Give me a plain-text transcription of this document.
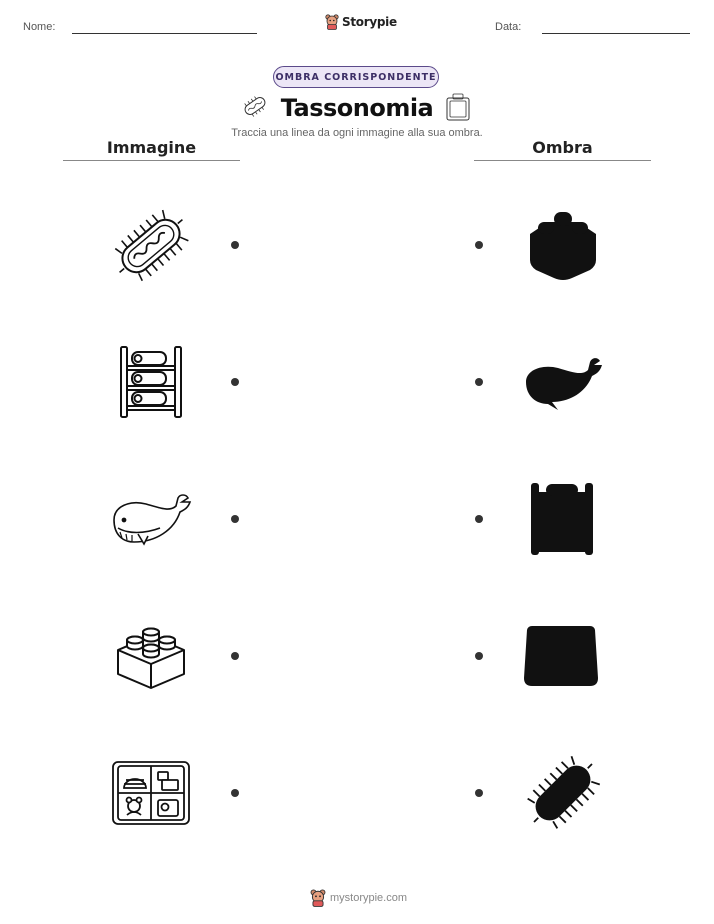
Nome:	Storypie	Data:
OMBRA CORRISPONDENTE
Tassonomia
Traccia una linea da ogni immagine alla sua ombra.
Immagine	Ombra
mystorypie.com
